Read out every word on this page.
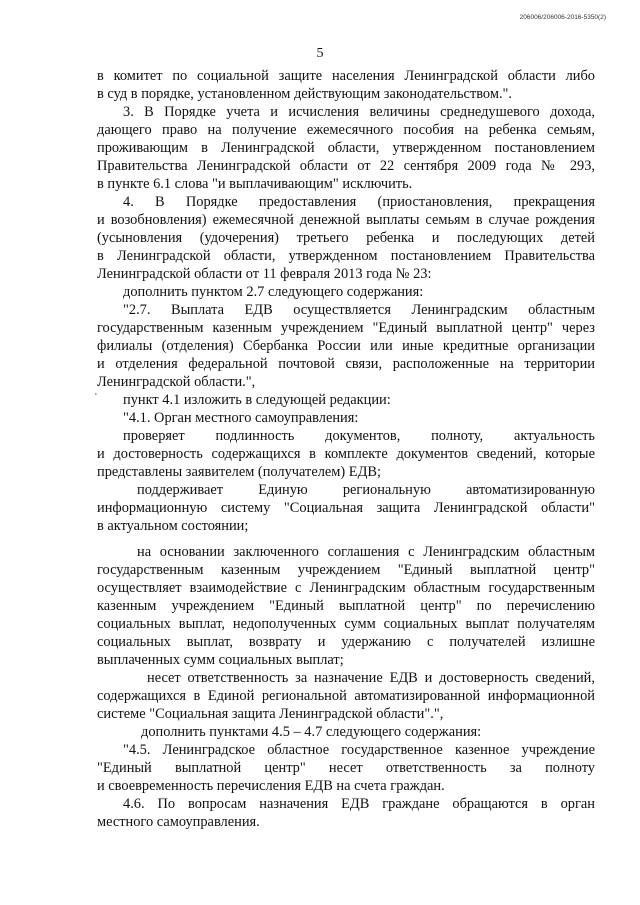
206006/206006-2016-5350(2)
5
'
в комитет по социальной защите населения Ленинградской области либо
в суд в порядке, установленном действующим законодательством.".
3. В Порядке учета и исчисления величины среднедушевого дохода,
дающего право на получение ежемесячного пособия на ребенка семьям,
проживающим в Ленинградской области, утвержденном постановлением
Правительства Ленинградской области от 22 сентября 2009 года № 293,
в пункте 6.1 слова "и выплачивающим" исключить.
4. В Порядке предоставления (приостановления, прекращения
и возобновления) ежемесячной денежной выплаты семьям в случае рождения
(усыновления (удочерения) третьего ребенка и последующих детей
в Ленинградской области, утвержденном постановлением Правительства
Ленинградской области от 11 февраля 2013 года № 23:
дополнить пунктом 2.7 следующего содержания:
"2.7. Выплата ЕДВ осуществляется Ленинградским областным
государственным казенным учреждением "Единый выплатной центр" через
филиалы (отделения) Сбербанка России или иные кредитные организации
и отделения федеральной почтовой связи, расположенные на территории
Ленинградской области.",
пункт 4.1 изложить в следующей редакции:
"4.1. Орган местного самоуправления:
проверяет подлинность документов, полноту, актуальность
и достоверность содержащихся в комплекте документов сведений, которые
представлены заявителем (получателем) ЕДВ;
поддерживает Единую региональную автоматизированную
информационную систему "Социальная защита Ленинградской области"
в актуальном состоянии;
на основании заключенного соглашения с Ленинградским областным
государственным казенным учреждением "Единый выплатной центр"
осуществляет взаимодействие с Ленинградским областным государственным
казенным учреждением "Единый выплатной центр" по перечислению
социальных выплат, недополученных сумм социальных выплат получателям
социальных выплат, возврату и удержанию с получателей излишне
выплаченных сумм социальных выплат;
несет ответственность за назначение ЕДВ и достоверность сведений,
содержащихся в Единой региональной автоматизированной информационной
системе "Социальная защита Ленинградской области".",
дополнить пунктами 4.5 – 4.7 следующего содержания:
"4.5. Ленинградское областное государственное казенное учреждение
"Единый выплатной центр" несет ответственность за полноту
и своевременность перечисления ЕДВ на счета граждан.
4.6. По вопросам назначения ЕДВ граждане обращаются в орган
местного самоуправления.
